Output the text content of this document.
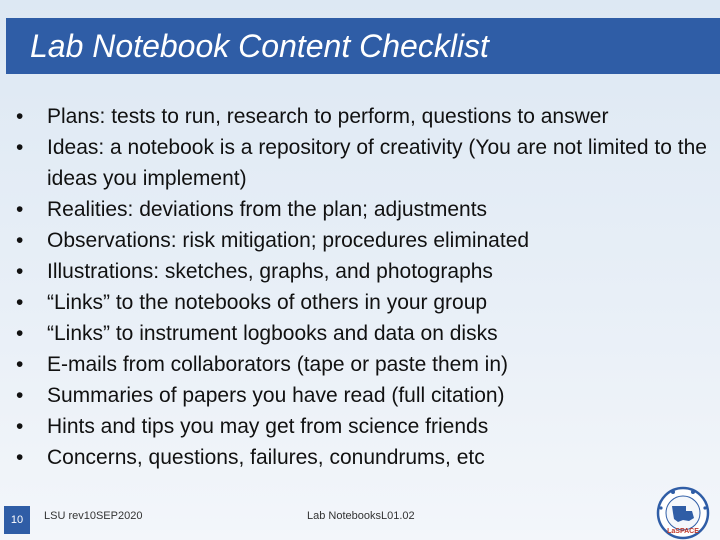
Lab Notebook Content Checklist
•	Plans: tests to run, research to perform, questions to answer
•	Ideas: a notebook is a repository of creativity (You are not limited to the ideas you implement)
•	Realities: deviations from the plan; adjustments
•	Observations: risk mitigation; procedures eliminated
•	Illustrations: sketches, graphs, and photographs
•	“Links” to the notebooks of others in your group
•	“Links” to instrument logbooks and data on disks
•	E-mails from collaborators (tape or paste them in)
•	Summaries of papers you have read (full citation)
•	Hints and tips you may get from science friends
•	Concerns, questions, failures, conundrums, etc
10	LSU rev10SEP2020	Lab NotebooksL01.02
LaSPACE
